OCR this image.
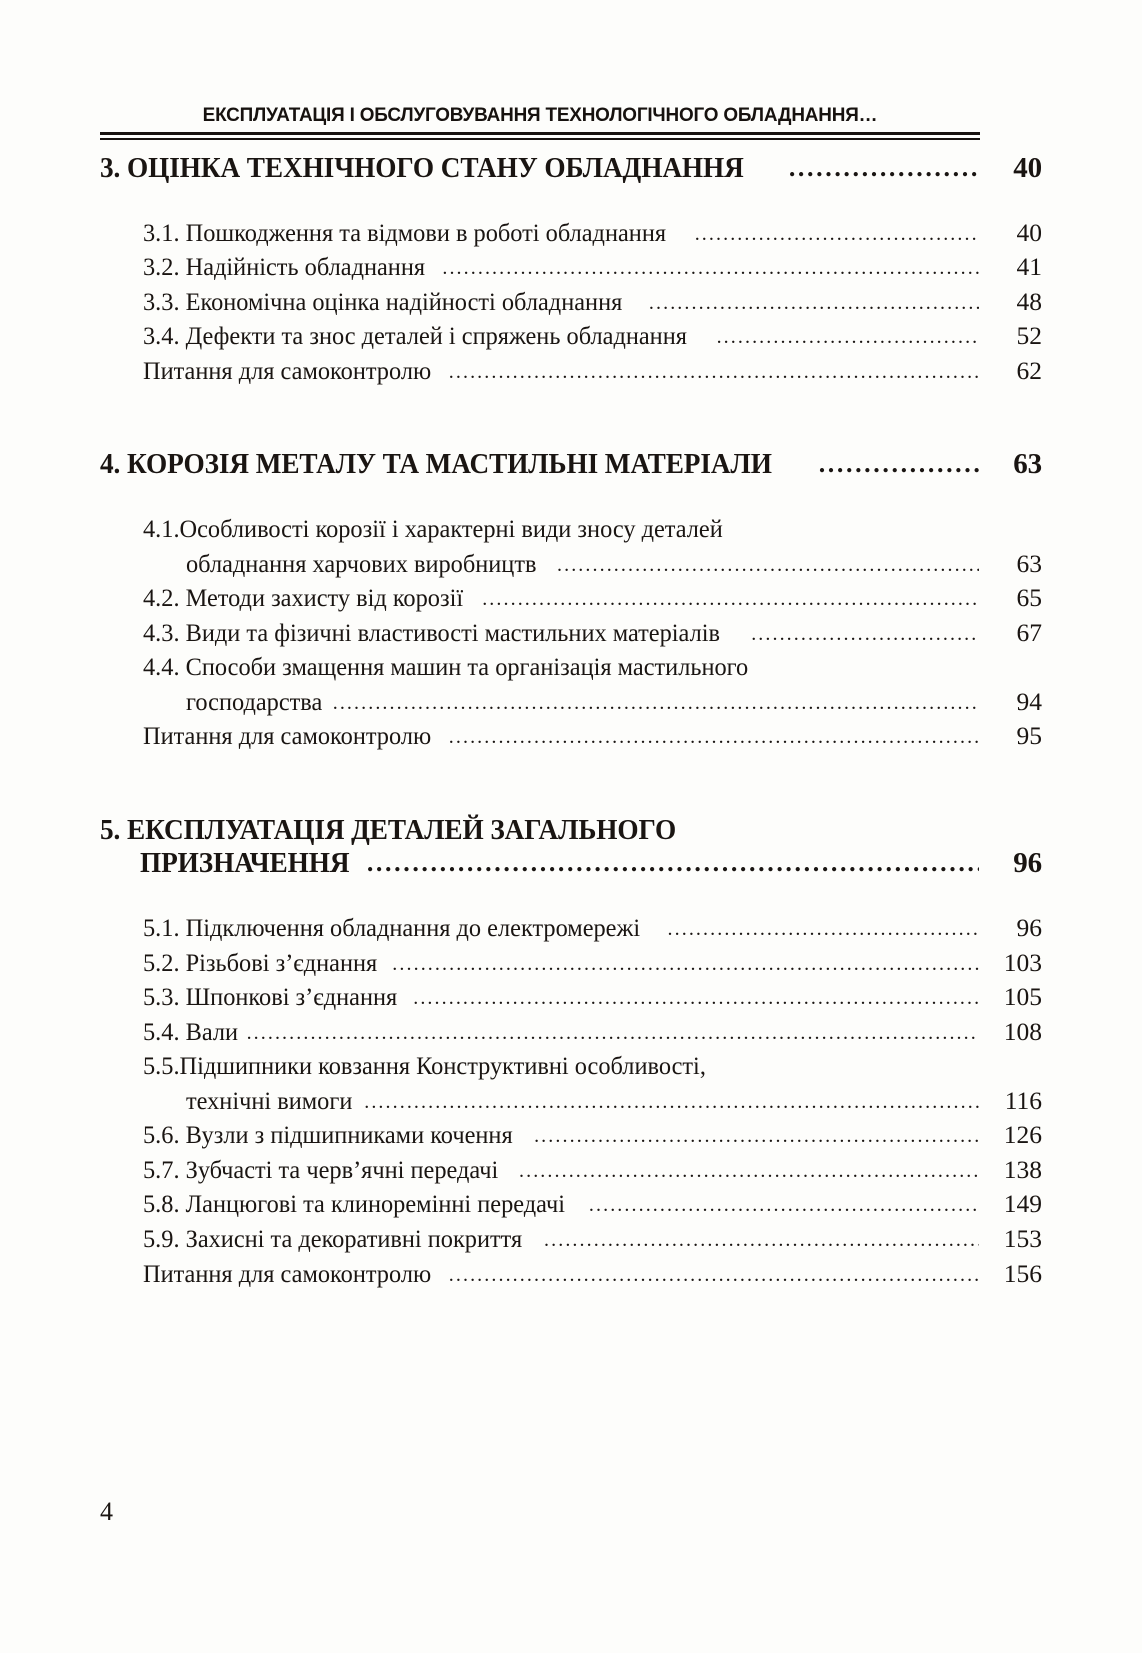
ЕКСПЛУАТАЦІЯ І ОБСЛУГОВУВАННЯ ТЕХНОЛОГІЧНОГО ОБЛАДНАННЯ…
3. ОЦІНКА ТЕХНІЧНОГО СТАНУ ОБЛАДНАННЯ .....	40
3.1. Пошкодження та відмови в роботі обладнання .....	40
3.2. Надійність обладнання .....	41
3.3. Економічна оцінка надійності обладнання .....	48
3.4. Дефекти та знос деталей і спряжень обладнання .....	52
Питання для самоконтролю .....	62
4. КОРОЗІЯ МЕТАЛУ ТА МАСТИЛЬНІ МАТЕРІАЛИ .....	63
4.1.Особливості корозії і характерні види зносу деталей
обладнання харчових виробництв .....	63
4.2. Методи захисту від корозії .....	65
4.3. Види та фізичні властивості мастильних матеріалів .....	67
4.4. Способи змащення машин та організація мастильного
господарства .....	94
Питання для самоконтролю .....	95
5. ЕКСПЛУАТАЦІЯ ДЕТАЛЕЙ ЗАГАЛЬНОГО
ПРИЗНАЧЕННЯ .....	96
5.1. Підключення обладнання до електромережі .....	96
5.2. Різьбові з’єднання .....	103
5.3. Шпонкові з’єднання .....	105
5.4. Вали .....	108
5.5.Підшипники ковзання Конструктивні особливості,
технічні вимоги .....	116
5.6. Вузли з підшипниками кочення .....	126
5.7. Зубчасті та черв’ячні передачі .....	138
5.8. Ланцюгові та клиноремінні передачі .....	149
5.9. Захисні та декоративні покриття .....	153
Питання для самоконтролю .....	156
4
